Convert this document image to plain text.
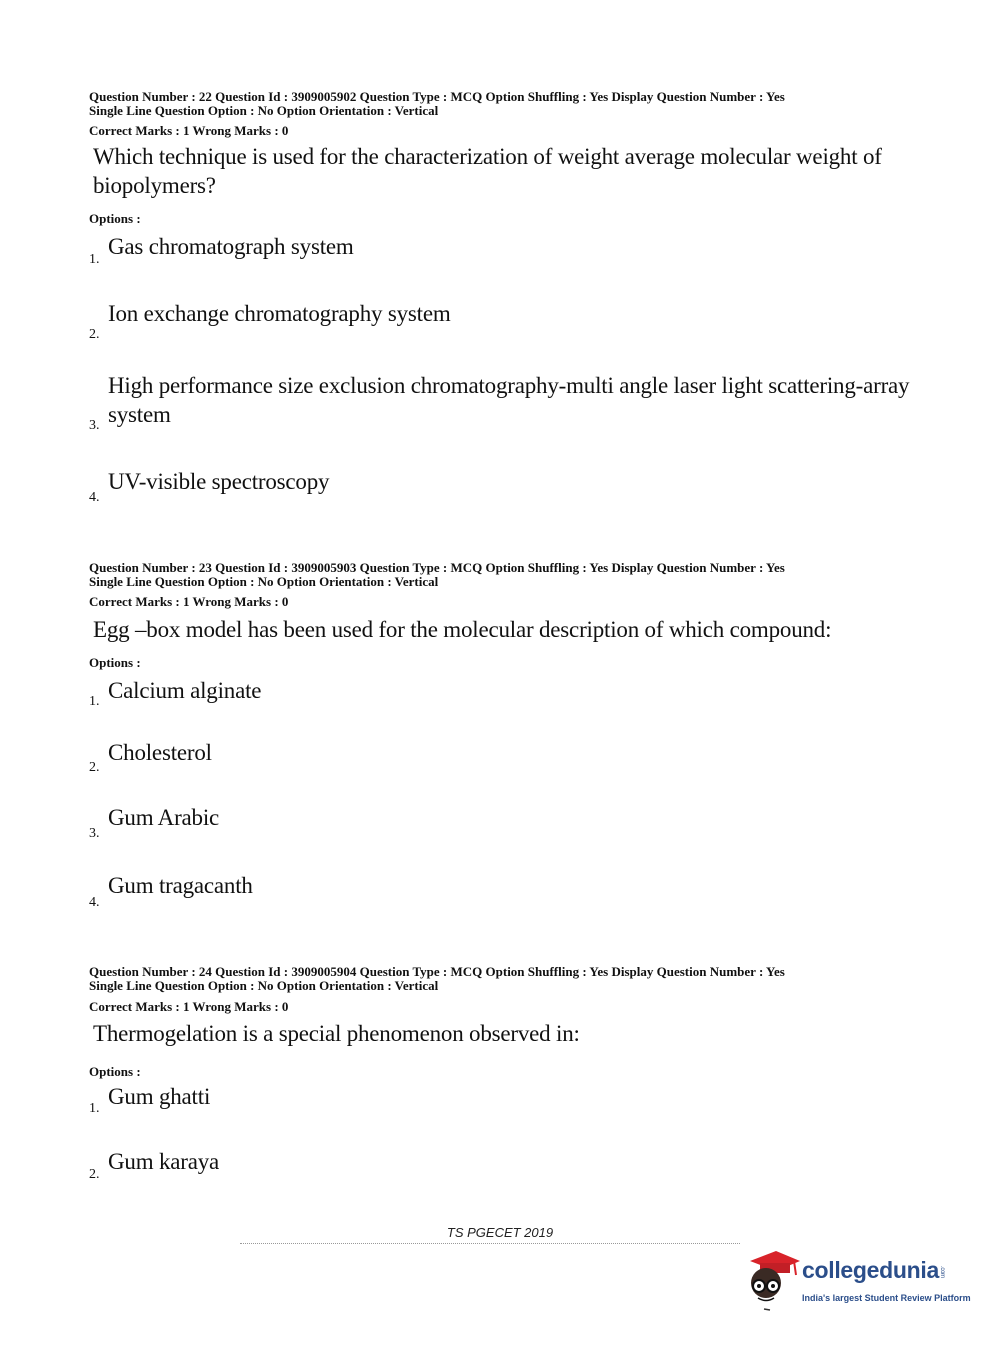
Question Number : 22 Question Id : 3909005902 Question Type : MCQ Option Shuffling : Yes Display Question Number : Yes
Single Line Question Option : No Option Orientation : Vertical
Correct Marks : 1 Wrong Marks : 0
Which technique is used for the characterization of weight average molecular weight of biopolymers?
Options :
1.
Gas chromatograph system
2.
Ion exchange chromatography system
3.
High performance size exclusion chromatography-multi angle laser light scattering-array system
4.
UV-visible spectroscopy
Question Number : 23 Question Id : 3909005903 Question Type : MCQ Option Shuffling : Yes Display Question Number : Yes
Single Line Question Option : No Option Orientation : Vertical
Correct Marks : 1 Wrong Marks : 0
Egg –box model has been used for the molecular description of which compound:
Options :
1. Calcium alginate
2.
Cholesterol
3.
Gum Arabic
4.
Gum tragacanth
Question Number : 24 Question Id : 3909005904 Question Type : MCQ Option Shuffling : Yes Display Question Number : Yes
Single Line Question Option : No Option Orientation : Vertical
Correct Marks : 1 Wrong Marks : 0
Thermogelation is a special phenomenon observed in:
Options :
1. Gum ghatti
2.
Gum karaya
TS PGECET 2019
collegedunia.com
India's largest Student Review Platform
